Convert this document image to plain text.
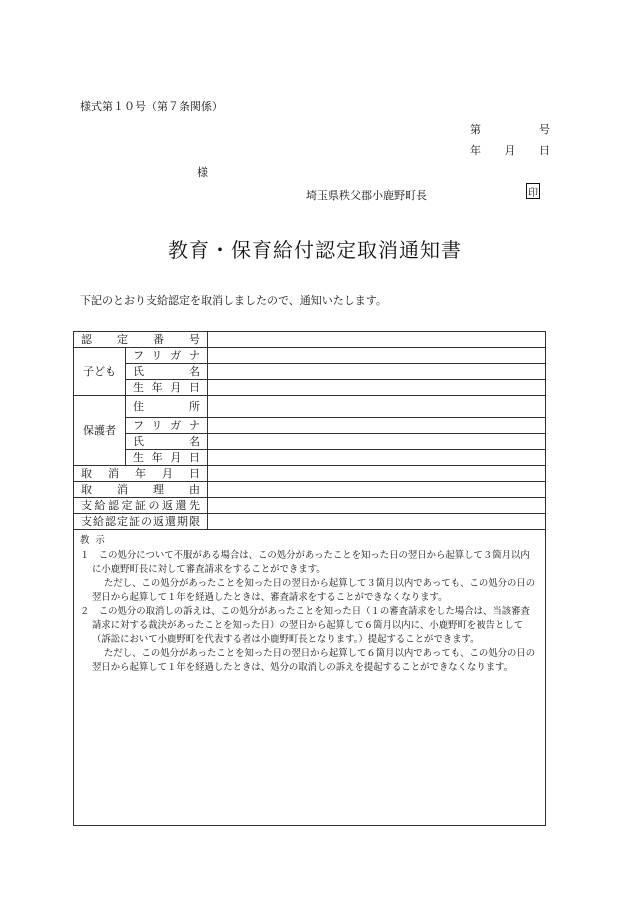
様式第１０号（第７条関係）
第	号
年 月 日
様
埼玉県秩父郡小鹿野町長	印
教育・保育給付認定取消通知書
下記のとおり支給認定を取消しましたので、通知いたします。
認定番号		
子ども	フリガナ	
	氏名	
	生年月日	
保護者	住所	
	フリガナ	
	氏名	
	生年月日	
取消年月日		
取消理由		
支給認定証の返還先		
支給認定証の返還期限		

教示

１　この処分について不服がある場合は、この処分があったことを知った日の翌日から起算して３箇月以内に小鹿野町長に対して審査請求をすることができます。

ただし、この処分があったことを知った日の翌日から起算して３箇月以内であっても、この処分の日の翌日から起算して１年を経過したときは、審査請求をすることができなくなります。

２　この処分の取消しの訴えは、この処分があったことを知った日（１の審査請求をした場合は、当該審査請求に対する裁決があったことを知った日）の翌日から起算して６箇月以内に、小鹿野町を被告として（訴訟において小鹿野町を代表する者は小鹿野町長となります。）提起することができます。

ただし、この処分があったことを知った日の翌日から起算して６箇月以内であっても、この処分の日の翌日から起算して１年を経過したときは、処分の取消しの訴えを提起することができなくなります。		
